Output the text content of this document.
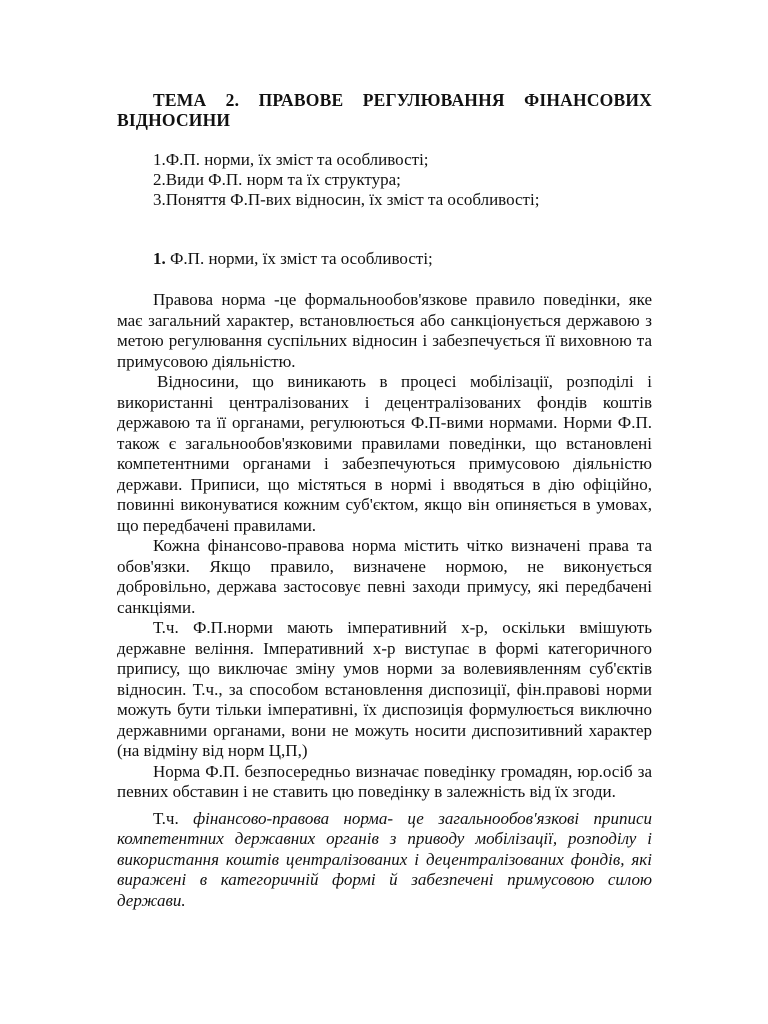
ТЕМА 2. ПРАВОВЕ РЕГУЛЮВАННЯ ФІНАНСОВИХ
ВІДНОСИНИ
1.Ф.П. норми, їх зміст та особливості;
2.Види Ф.П. норм та їх структура;
3.Поняття Ф.П-вих відносин, їх зміст та особливості;
1. Ф.П. норми, їх зміст та особливості;

Правова норма -це формальнообов'язкове правило поведінки, яке має загальний характер, встановлюється або санкціонується державою з метою регулювання суспільних відносин і забезпечується її виховною та примусовою діяльністю.

Відносини, що виникають в процесі мобілізації, розподілі і використанні централізованих і децентралізованих фондів коштів державою та її органами, регулюються Ф.П-вими нормами. Норми Ф.П. також є загальнообов'язковими правилами поведінки, що встановлені компетентними органами і забезпечуються примусовою діяльністю держави. Приписи, що містяться в нормі і вводяться в дію офіційно, повинні виконуватися кожним суб'єктом, якщо він опиняється в умовах, що передбачені правилами.

Кожна фінансово-правова норма містить чітко визначені права та обов'язки. Якщо правило, визначене нормою, не виконується добровільно, держава застосовує певні заходи примусу, які передбачені санкціями.

Т.ч. Ф.П.норми мають імперативний х-р, оскільки вмішують державне веління. Імперативний х-р виступає в формі категоричного припису, що виключає зміну умов норми за волевиявленням суб'єктів відносин. Т.ч., за способом встановлення диспозиції, фін.правові норми можуть бути тільки імперативні, їх диспозиція формулюється виключно державними органами, вони не можуть носити диспозитивний характер (на відміну від норм Ц,П,)

Норма Ф.П. безпосередньо визначає поведінку громадян, юр.осіб за певних обставин і не ставить цю поведінку в залежність від їх згоди.

Т.ч. фінансово-правова норма- це загальнообов'язкові приписи компетентних державних органів з приводу мобілізації, розподілу і використання коштів централізованих і децентралізованих фондів, які виражені в категоричній формі й забезпечені примусовою силою держави.
